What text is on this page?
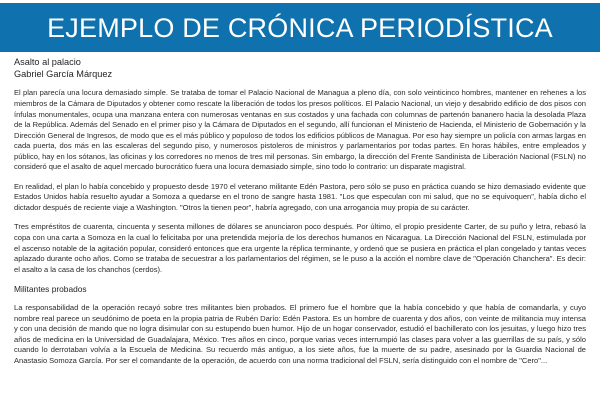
EJEMPLO DE CRÓNICA PERIODÍSTICA
Asalto al palacio
Gabriel García Márquez

El plan parecía una locura demasiado simple. Se trataba de tomar el Palacio Nacional de Managua a pleno día, con solo veinticinco hombres, mantener en rehenes a los miembros de la Cámara de Diputados y obtener como rescate la liberación de todos los presos políticos. El Palacio Nacional, un viejo y desabrido edificio de dos pisos con ínfulas monumentales, ocupa una manzana entera con numerosas ventanas en sus costados y una fachada con columnas de partenón bananero hacia la desolada Plaza de la República. Además del Senado en el primer piso y la Cámara de Diputados en el segundo, allí funcionan el Ministerio de Hacienda, el Ministerio de Gobernación y la Dirección General de Ingresos, de modo que es el más público y populoso de todos los edificios públicos de Managua. Por eso hay siempre un policía con armas largas en cada puerta, dos más en las escaleras del segundo piso, y numerosos pistoleros de ministros y parlamentarios por todas partes. En horas hábiles, entre empleados y público, hay en los sótanos, las oficinas y los corredores no menos de tres mil personas. Sin embargo, la dirección del Frente Sandinista de Liberación Nacional (FSLN) no consideró que el asalto de aquel mercado burocrático fuera una locura demasiado simple, sino todo lo contrario: un disparate magistral.

En realidad, el plan lo había concebido y propuesto desde 1970 el veterano militante Edén Pastora, pero sólo se puso en práctica cuando se hizo demasiado evidente que Estados Unidos había resuelto ayudar a Somoza a quedarse en el trono de sangre hasta 1981. "Los que especulan con mi salud, que no se equivoquen", había dicho el dictador después de reciente viaje a Washington. "Otros la tienen peor", habría agregado, con una arrogancia muy propia de su carácter.

Tres empréstitos de cuarenta, cincuenta y sesenta millones de dólares se anunciaron poco después. Por último, el propio presidente Carter, de su puño y letra, rebasó la copa con una carta a Somoza en la cual lo felicitaba por una pretendida mejoría de los derechos humanos en Nicaragua. La Dirección Nacional del FSLN, estimulada por el ascenso notable de la agitación popular, consideró entonces que era urgente la réplica terminante, y ordenó que se pusiera en práctica el plan congelado y tantas veces aplazado durante ocho años. Como se trataba de secuestrar a los parlamentarios del régimen, se le puso a la acción el nombre clave de "Operación Chanchera". Es decir: el asalto a la casa de los chanchos (cerdos).

Militantes probados

La responsabilidad de la operación recayó sobre tres militantes bien probados. El primero fue el hombre que la había concebido y que había de comandarla, y cuyo nombre real parece un seudónimo de poeta en la propia patria de Rubén Darío: Edén Pastora. Es un hombre de cuarenta y dos años, con veinte de militancia muy intensa y con una decisión de mando que no logra disimular con su estupendo buen humor. Hijo de un hogar conservador, estudió el bachillerato con los jesuitas, y luego hizo tres años de medicina en la Universidad de Guadalajara, México. Tres años en cinco, porque varias veces interrumpió las clases para volver a las guerrillas de su país, y sólo cuando lo derrotaban volvía a la Escuela de Medicina. Su recuerdo más antiguo, a los siete años, fue la muerte de su padre, asesinado por la Guardia Nacional de Anastasio Somoza García. Por ser el comandante de la operación, de acuerdo con una norma tradicional del FSLN, sería distinguido con el nombre de "Cero"...
